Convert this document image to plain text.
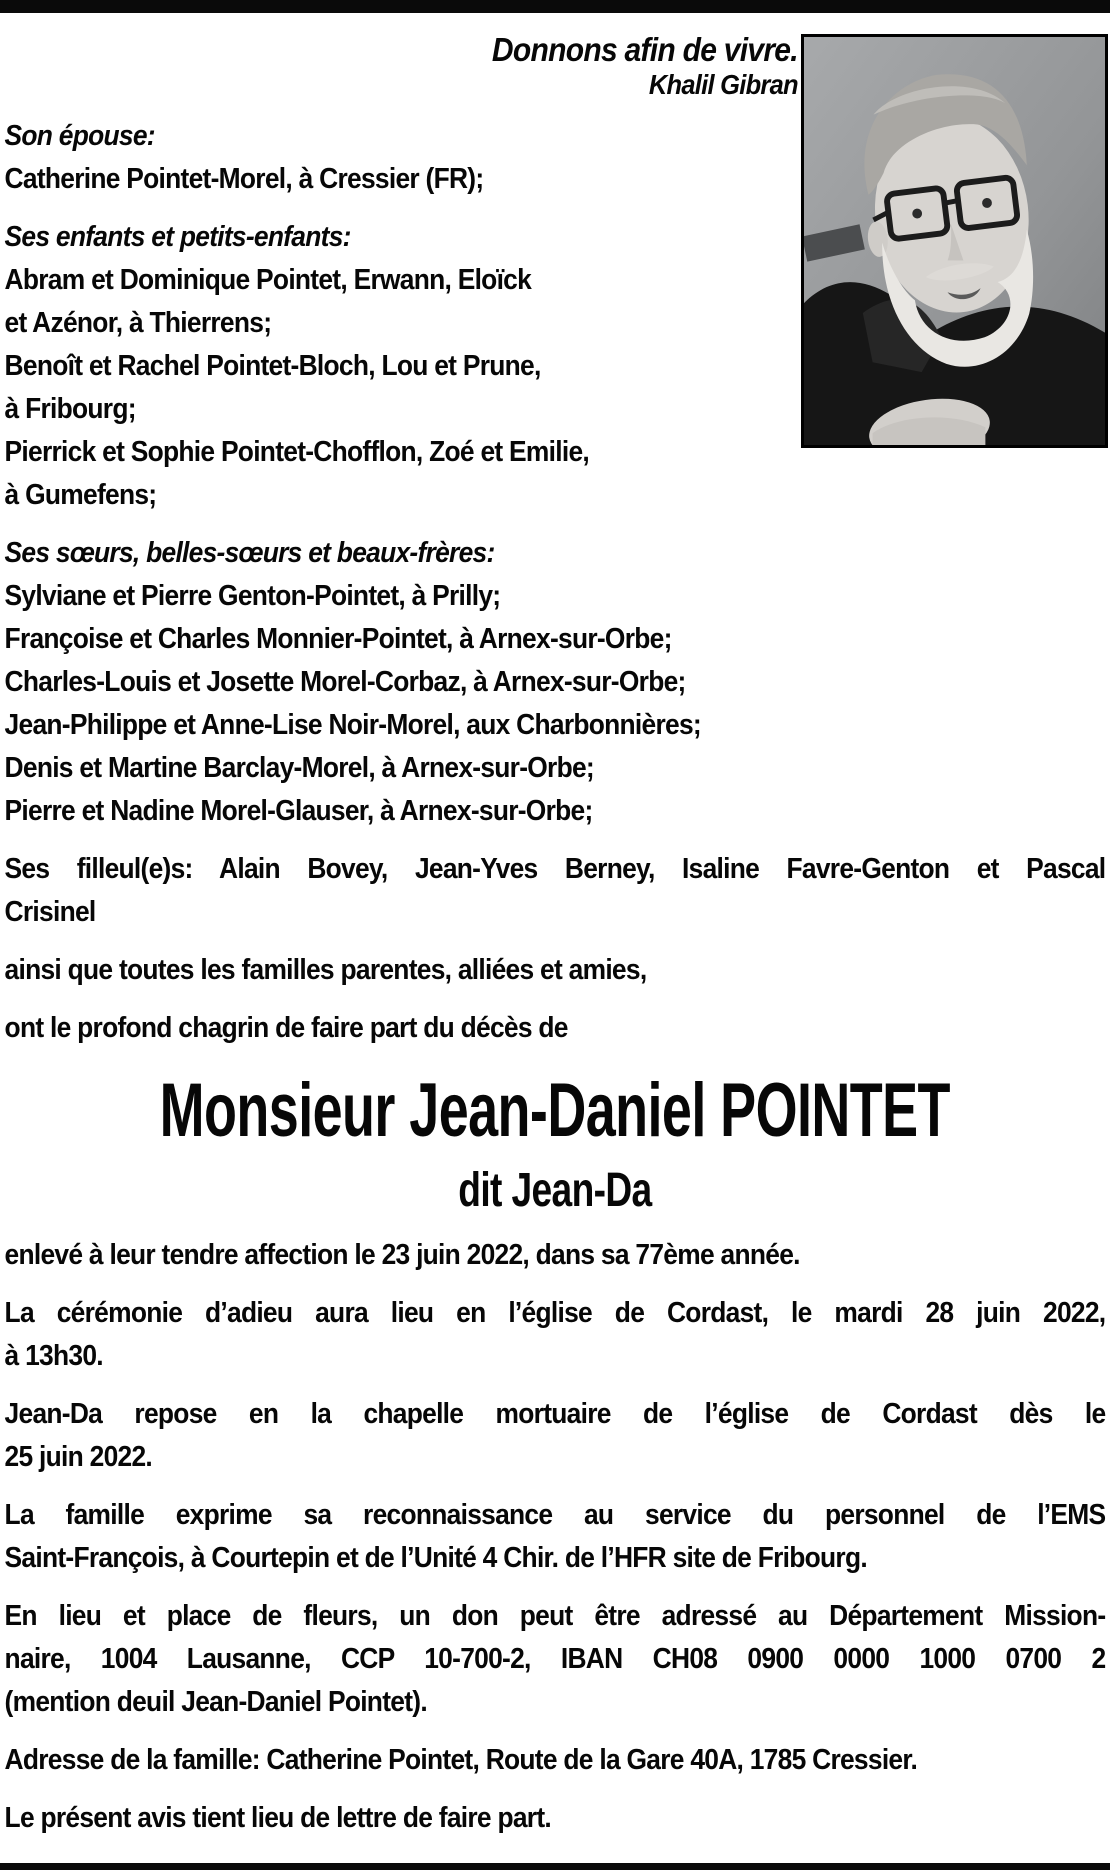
Donnons afin de vivre.
Khalil Gibran
Son épouse:
Catherine Pointet-Morel, à Cressier (FR);
Ses enfants et petits-enfants:
Abram et Dominique Pointet, Erwann, Eloïck
et Azénor, à Thierrens;
Benoît et Rachel Pointet-Bloch, Lou et Prune,
à Fribourg;
Pierrick et Sophie Pointet-Chofflon, Zoé et Emilie,
à Gumefens;
Ses sœurs, belles-sœurs et beaux-frères:
Sylviane et Pierre Genton-Pointet, à Prilly;
Françoise et Charles Monnier-Pointet, à Arnex-sur-Orbe;
Charles-Louis et Josette Morel-Corbaz, à Arnex-sur-Orbe;
Jean-Philippe et Anne-Lise Noir-Morel, aux Charbonnières;
Denis et Martine Barclay-Morel, à Arnex-sur-Orbe;
Pierre et Nadine Morel-Glauser, à Arnex-sur-Orbe;
Ses filleul(e)s: Alain Bovey, Jean-Yves Berney, Isaline Favre-Genton et Pascal
Crisinel
ainsi que toutes les familles parentes, alliées et amies,
ont le profond chagrin de faire part du décès de
Monsieur Jean-Daniel POINTET
dit Jean-Da
enlevé à leur tendre affection le 23 juin 2022, dans sa 77ème année.
La cérémonie d’adieu aura lieu en l’église de Cordast, le mardi 28 juin 2022,
à 13h30.
Jean-Da repose en la chapelle mortuaire de l’église de Cordast dès le
25 juin 2022.
La famille exprime sa reconnaissance au service du personnel de l’EMS
Saint-François, à Courtepin et de l’Unité 4 Chir. de l’HFR site de Fribourg.
En lieu et place de fleurs, un don peut être adressé au Département Mission-
naire, 1004 Lausanne, CCP 10-700-2, IBAN CH08 0900 0000 1000 0700 2
(mention deuil Jean-Daniel Pointet).
Adresse de la famille: Catherine Pointet, Route de la Gare 40A, 1785 Cressier.
Le présent avis tient lieu de lettre de faire part.
